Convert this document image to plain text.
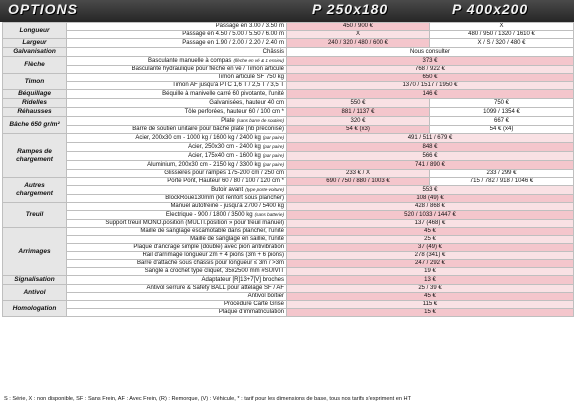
OPTIONS	P 250x180	P 400x200
Longueur	Passage en 3.00 / 3.50 m	450 / 900 €	X
	Passage en 4.50 / 5.00 / 5.50 / 6.00 m	X	480 / 950 / 1320 / 1610 €
Largeur	Passage en 1.90 / 2.00 / 2.20 / 2.40 m	240 / 320 / 480 / 600 €	X / S / 320 / 480 €
Galvanisation	Châssis	Nous consulter	
Flèche	Basculante manuelle à compas (flèche en vé & 1 essieu)	373 €	
	Basculante hydraulique pour flèche en vé / Timon articulé	768 / 922 €	
Timon	Timon articulé SF 750 kg	650 €	
	Timon AF jusqu'à PTC 1,6 T / 2,5 T / 3,5 T	1370 / 1517 / 1950 €	
Béquillage	Béquille à manivelle carré 60 pivotante, l'unité	146 €	
Ridelles	Galvanisées, hauteur 40 cm	550 €	750 €
Réhausses	Tôle perforées, hauteur 60 / 100 cm *	881 / 1137 €	1099 / 1354 €
Bâche 650 gr/m²	Plate (sans barre de soutien)	320 €	667 €
	Barre de soutien unitaire pour bâche plate (nb préconisé)	54 € (x3)	54 € (x4)
Rampes de chargement	Acier, 200x30 cm - 1000 kg / 1600 kg / 2400 kg (par paire)	491 / 511 / 679 €	
	Acier, 250x30 cm - 2400 kg (par paire)	848 €	
	Acier, 175x40 cm - 1600 kg (par paire)	566 €	
	Aluminium, 200x30 cm - 2150 kg / 3300 kg (par paire)	741 / 890 €	
	Glissières pour rampes 175-200 cm / 250 cm	233 € / X	233 / 299 €
Autres chargement	Porte Pont, Hauteur 60 / 80 / 100 / 120 cm *	690 / 750 / 880 / 1003 €	715 / 782 / 918 / 1046 €
	Butoir avant (type porte-voiture)	553 €	
	BlockRoue130mm (kit renfort sous plancher)	108 (49) €	
Treuil	Manuel autofreiné - jusqu'à 2700 / 5400 kg	428 / 868 €	
	Electrique - 900 / 1800 / 3500 kg (sans batterie)	520 / 1033 / 1447 €	
	Support treuil MONO.position (MULTI.position » pour treuil manuel)	137 (468) €	
Arrimages	Maille de sanglage escamotable dans plancher, l'unité	45 €	
	Maille de sanglage en saillie, l'unité	25 €	
	Plaque d'ancrage simple (double) avec pion antivibration	37 (49) €	
	Rail d'arrimage longueur 2m + 4 pions (3m + 6 pions)	278 (341) €	
	Barre d'attache sous châssis pour longueur ≤ 3m / >3m	247 / 292 €	
	Sangle à crochet type cliquet, 35x2500 mm #SUIVIT	19 €	
Signalisation	Adaptateur [R]13+7[V] broches	13 €	
Antivol	Antivol serrure & Safety BALL pour attelage SF / AF	25 / 39 €	
	Antivol boîtier	45 €	
Homologation	Procédure Carte Grise	115 €	
	Plaque d'immatriculation	15 €	
S : Série, X : non disponible, SF : Sans Frein, AF : Avec Frein, (R) : Remorque, (V) : Véhicule, * : tarif pour les dimensions de base, tous nos tarifs s'expriment en HT
